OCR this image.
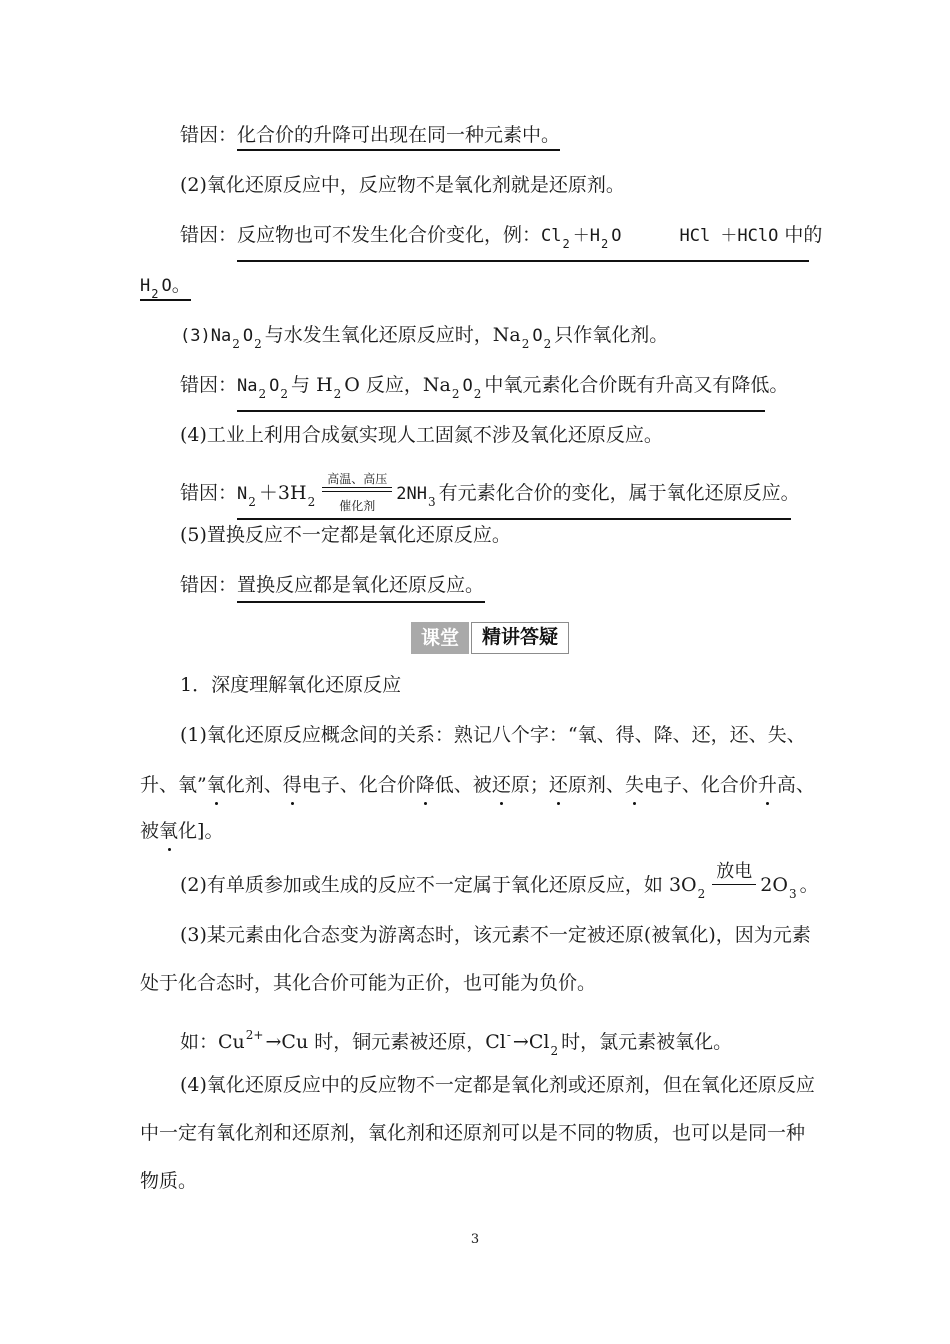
错因：化合价的升降可出现在同一种元素中。
(2)氧化还原反应中，反应物不是氧化剂就是还原剂。
错因：反应物也可不发生化合价变化，例：$Cl_2 +H_2$ O	HCl ＋HClO 中的
$H_2$ O。
$(3)Na_2$ $O_2$ 与水发生氧化还原反应时，$Na_2$ $O_2$ 只作氧化剂。
错因：$Na_2$ $O_2$ 与 $H_2$ O 反应，$Na_2$ $O_2$ 中氧元素化合价既有升高又有降低。
(4)工业上利用合成氨实现人工固氮不涉及氧化还原反应。
错因：$N_2 +3H_2$
高温、高压
催化剂
$2NH_3$ 有元素化合价的变化，属于氧化还原反应。
(5)置换反应不一定都是氧化还原反应。
错因：置换反应都是氧化还原反应。
课堂	精讲答疑
1．深度理解氧化还原反应
(1)氧化还原反应概念间的关系：熟记八个字：“氧、得、降、还，还、失、
升、氧”氧化剂、得电子、化合价降低、被还原；还原剂、失电子、化合价升高、
被氧化]。
(2)有单质参加或生成的反应不一定属于氧化还原反应，如 $3O_2$
放电
$2O_3$ 。
(3)某元素由化合态变为游离态时，该元素不一定被还原(被氧化)，因为元素
处于化合态时，其化合价可能为正价，也可能为负价。
如：$Cu^{2+} \to Cu$ 时，铜元素被还原，$Cl^- \to Cl_2$ 时，氯元素被氧化。
(4)氧化还原反应中的反应物不一定都是氧化剂或还原剂，但在氧化还原反应
中一定有氧化剂和还原剂，氧化剂和还原剂可以是不同的物质，也可以是同一种
物质。
3
